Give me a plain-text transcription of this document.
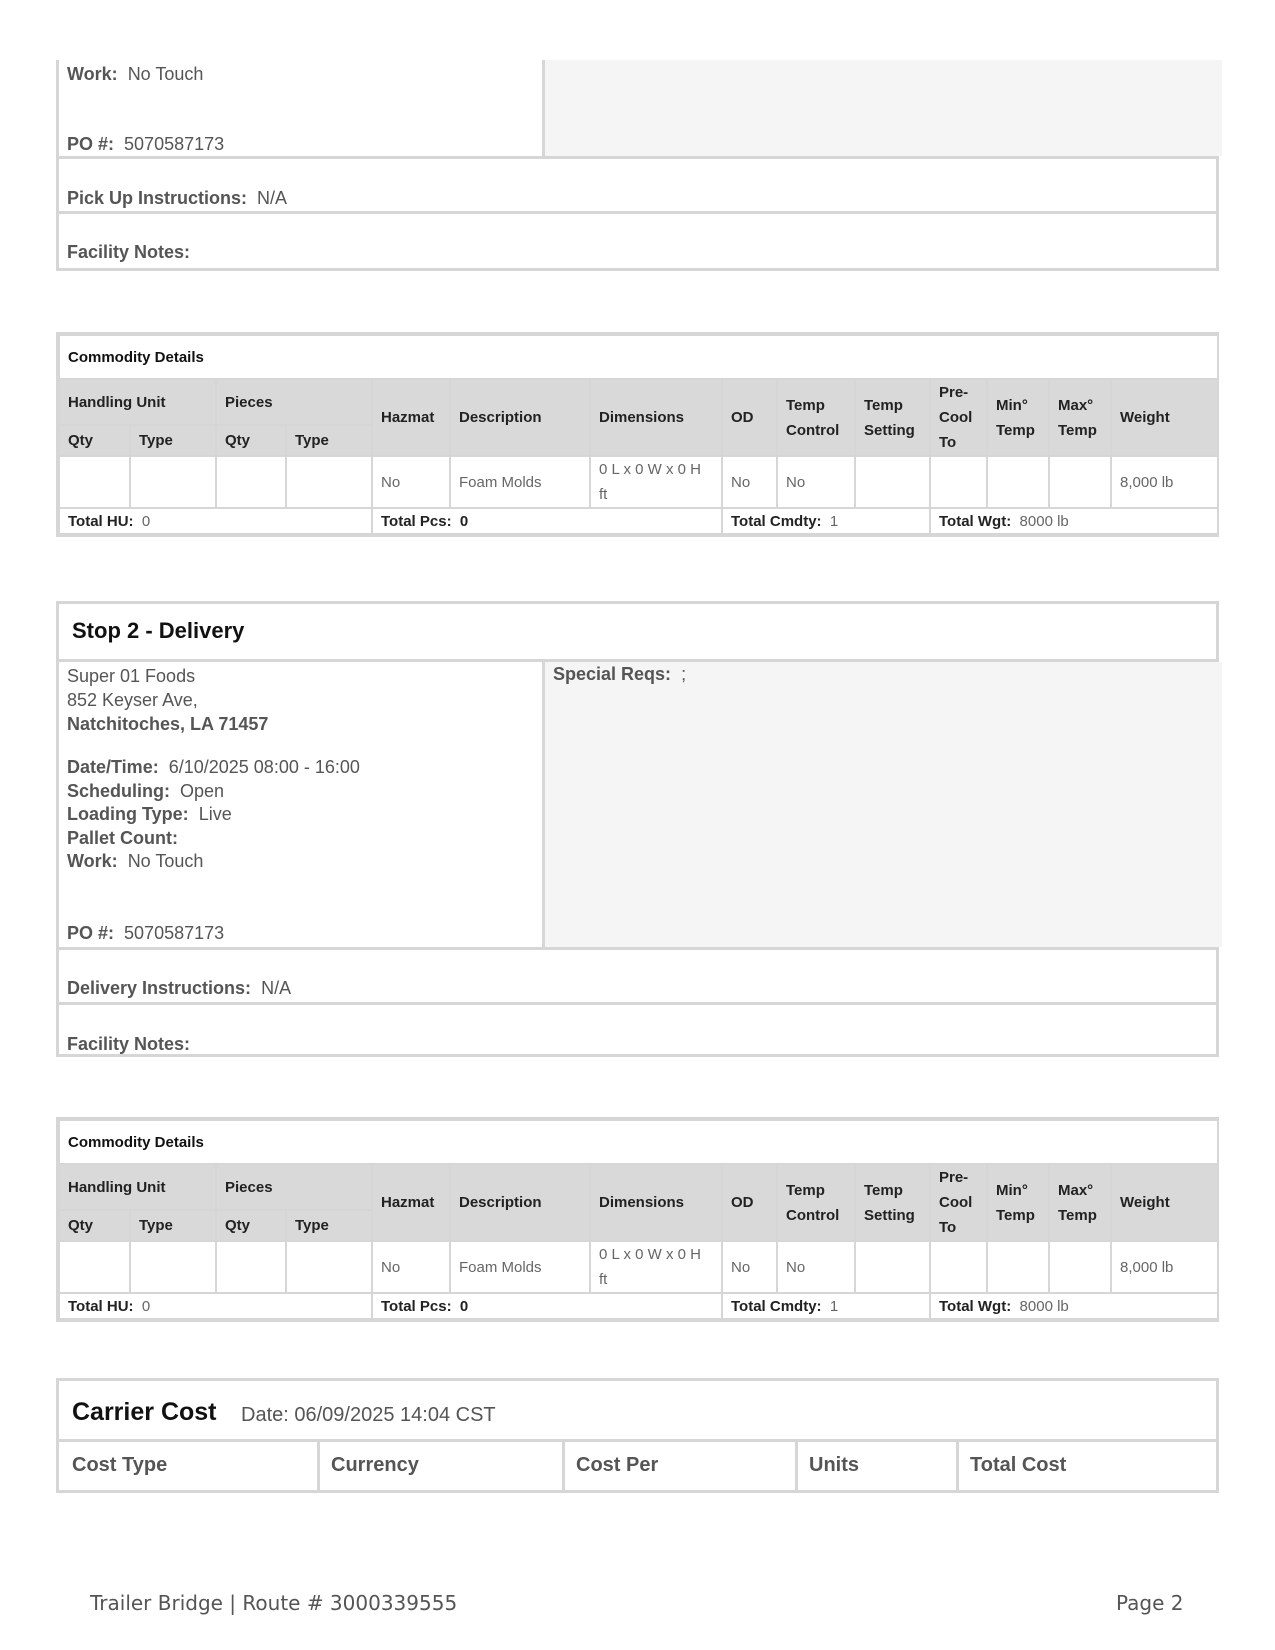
Work: No Touch
PO #: 5070587173
Pick Up Instructions: N/A
Facility Notes:
Commodity Details													
Handling Unit		Pieces		Hazmat	Description	Dimensions	OD	Temp Control	Temp Setting	Pre-Cool To	Min° Temp	Max° Temp	Weight
Qty	Type	Qty	Type										
				No	Foam Molds	0 L x 0 W x 0 H ft	No	No					8,000 lb
Total HU: 0				Total Pcs: 0			Total Cmdty: 1			Total Wgt: 8000 lb			
Stop 2 - Delivery
Special Reqs: ;
Super 01 Foods
852 Keyser Ave,
Natchitoches, LA 71457
Date/Time: 6/10/2025 08:00 - 16:00
Scheduling: Open
Loading Type: Live
Pallet Count:
Work: No Touch
PO #: 5070587173
Delivery Instructions: N/A
Facility Notes:
Commodity Details													
Handling Unit		Pieces		Hazmat	Description	Dimensions	OD	Temp Control	Temp Setting	Pre-Cool To	Min° Temp	Max° Temp	Weight
Qty	Type	Qty	Type										
				No	Foam Molds	0 L x 0 W x 0 H ft	No	No					8,000 lb
Total HU: 0				Total Pcs: 0			Total Cmdty: 1			Total Wgt: 8000 lb			
Carrier Cost Date: 06/09/2025 14:04 CST
Cost Type	Currency	Cost Per	Units	Total Cost
Trailer Bridge | Route # 3000339555	Page 2
